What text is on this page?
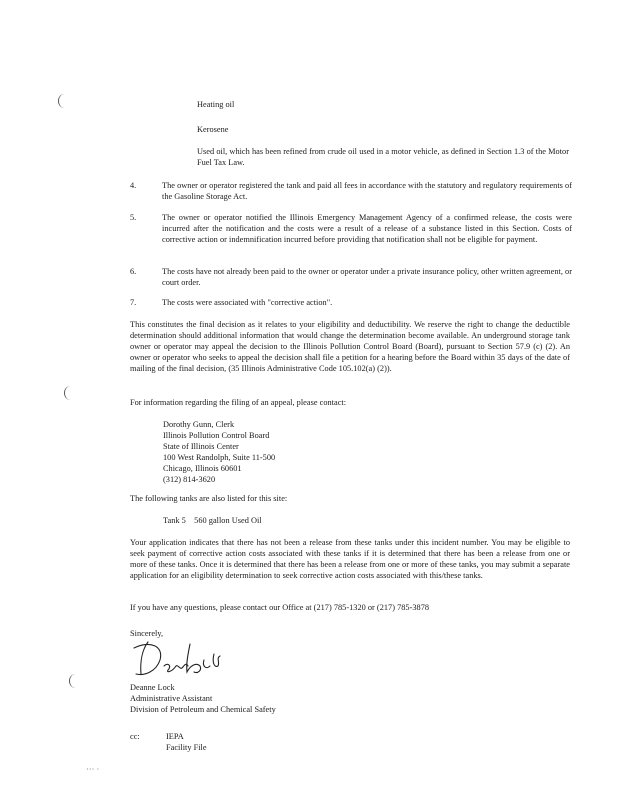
Heating oil
Kerosene
Used oil, which has been refined from crude oil used in a motor vehicle, as defined in Section 1.3 of the Motor Fuel Tax Law.
4.	The owner or operator registered the tank and paid all fees in accordance with the statutory and regulatory requirements of the Gasoline Storage Act.
5.	The owner or operator notified the Illinois Emergency Management Agency of a confirmed release, the costs were incurred after the notification and the costs were a result of a release of a substance listed in this Section. Costs of corrective action or indemnification incurred before providing that notification shall not be eligible for payment.
6.	The costs have not already been paid to the owner or operator under a private insurance policy, other written agreement, or court order.
7.	The costs were associated with "corrective action".
This constitutes the final decision as it relates to your eligibility and deductibility. We reserve the right to change the deductible determination should additional information that would change the determination become available. An underground storage tank owner or operator may appeal the decision to the Illinois Pollution Control Board (Board), pursuant to Section 57.9 (c) (2). An owner or operator who seeks to appeal the decision shall file a petition for a hearing before the Board within 35 days of the date of mailing of the final decision, (35 Illinois Administrative Code 105.102(a) (2)).
For information regarding the filing of an appeal, please contact:
Dorothy Gunn, Clerk
Illinois Pollution Control Board
State of Illinois Center
100 West Randolph, Suite 11-500
Chicago, Illinois 60601
(312) 814-3620
The following tanks are also listed for this site:
Tank 5    560 gallon Used Oil
Your application indicates that there has not been a release from these tanks under this incident number. You may be eligible to seek payment of corrective action costs associated with these tanks if it is determined that there has been a release from one or more of these tanks. Once it is determined that there has been a release from one or more of these tanks, you may submit a separate application for an eligibility determination to seek corrective action costs associated with this/these tanks.
If you have any questions, please contact our Office at (217) 785-1320 or (217) 785-3878
Sincerely,
Deanne Lock
Administrative Assistant
Division of Petroleum and Chemical Safety
cc:	IEPA
Facility File
··· ·
